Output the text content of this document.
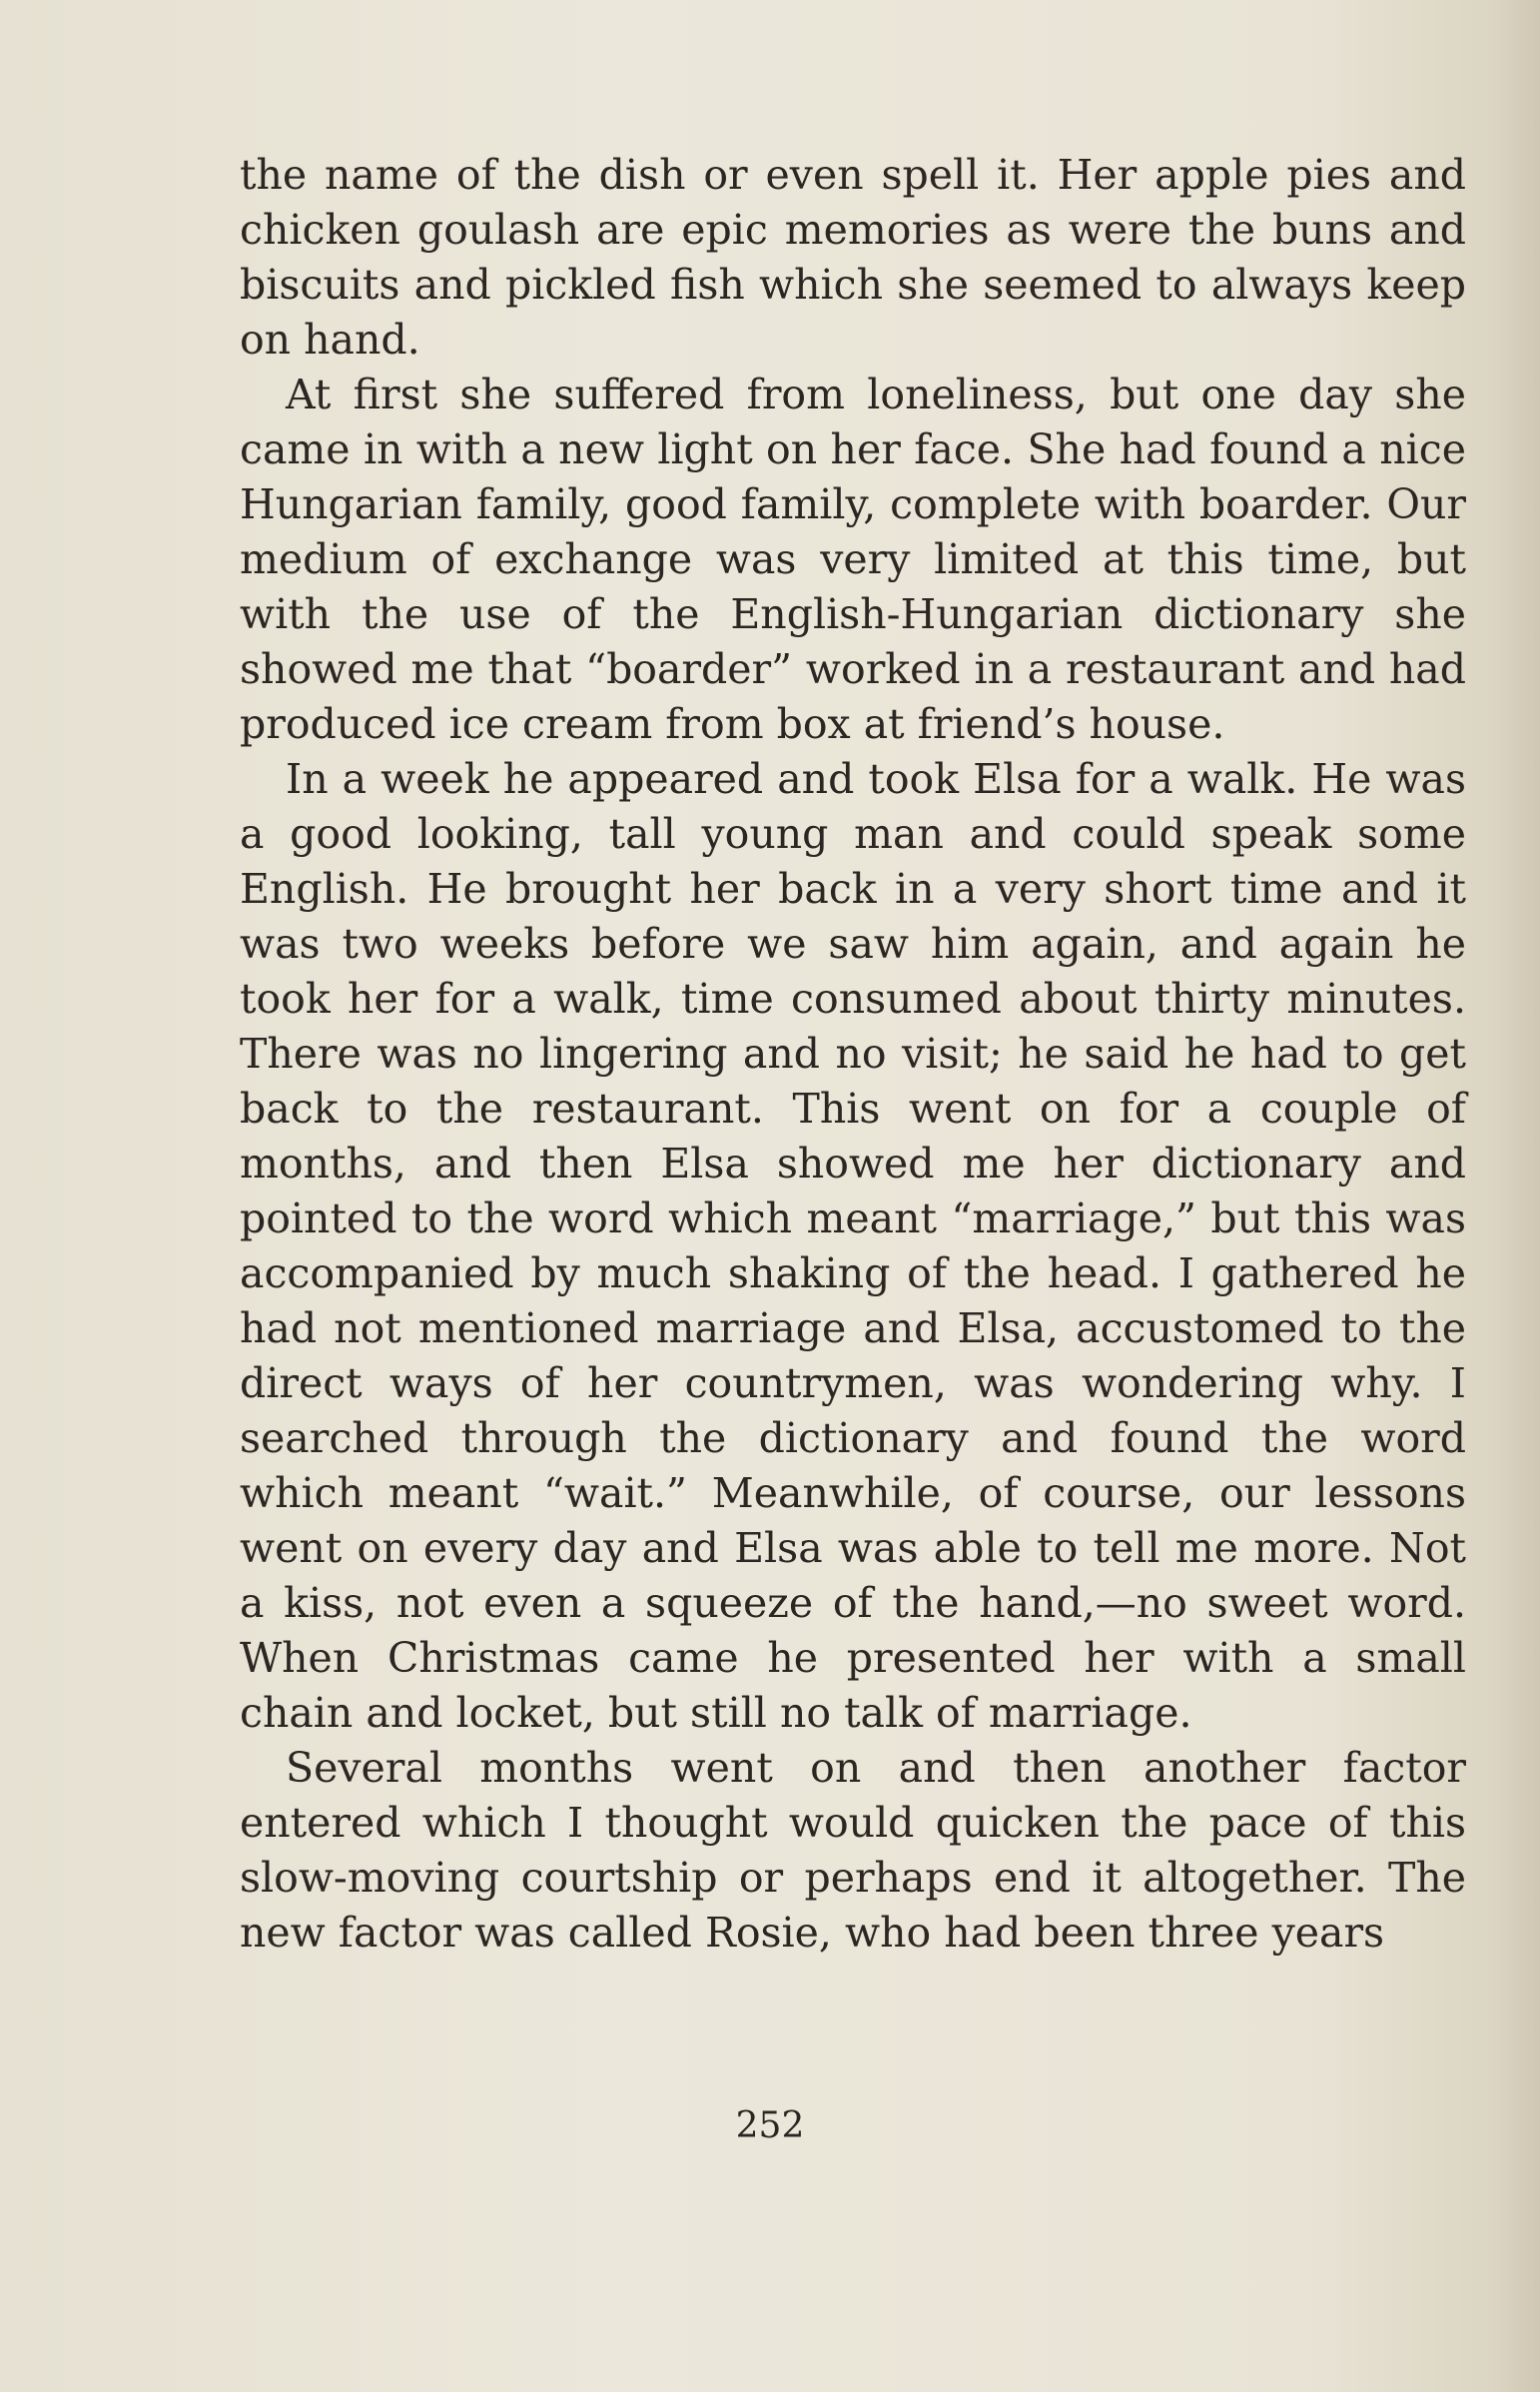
the name of the dish or even spell it. Her apple pies and chicken goulash are epic memories as were the buns and biscuits and pickled fish which she seemed to always keep on hand.

At first she suffered from loneliness, but one day she came in with a new light on her face. She had found a nice Hungarian family, good family, complete with boarder. Our medium of exchange was very limited at this time, but with the use of the English-Hungarian dictionary she showed me that “boarder” worked in a restaurant and had produced ice cream from box at friend’s house.

In a week he appeared and took Elsa for a walk. He was a good looking, tall young man and could speak some English. He brought her back in a very short time and it was two weeks before we saw him again, and again he took her for a walk, time consumed about thirty minutes. There was no lingering and no visit; he said he had to get back to the restaurant. This went on for a couple of months, and then Elsa showed me her dictionary and pointed to the word which meant “marriage,” but this was accompanied by much shaking of the head. I gathered he had not mentioned marriage and Elsa, accustomed to the direct ways of her countrymen, was wondering why. I searched through the dictionary and found the word which meant “wait.” Meanwhile, of course, our lessons went on every day and Elsa was able to tell me more. Not a kiss, not even a squeeze of the hand,—no sweet word. When Christmas came he presented her with a small chain and locket, but still no talk of marriage.

Several months went on and then another factor entered which I thought would quicken the pace of this slow-moving courtship or perhaps end it altogether. The new factor was called Rosie, who had been three years

252
